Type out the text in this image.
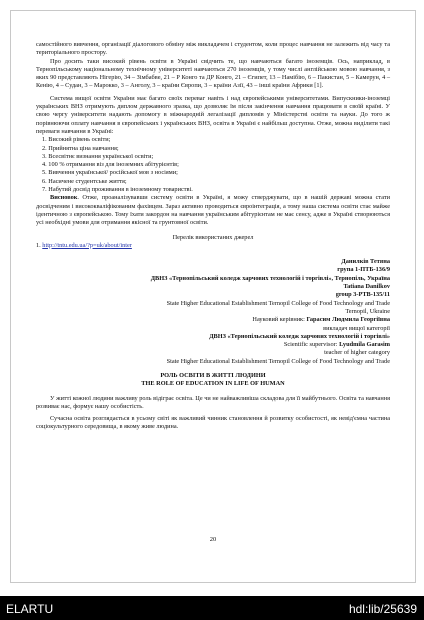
самостійного вивчення, організації діалогового обміну між викладачем і студентом, коли процес навчання не залежить від часу та територіального простору.

Про досить таки високий рівень освіти в Україні свідчить те, що навчаються багато іноземців. Ось, наприклад, в Тернопільському національному технічному університеті навчаються 270 іноземців, у тому числі англійською мовою навчання, з яких 90 представляють Нігерію, 34 – Зімбабве, 21 – Р Конго та ДР Конго, 21 – Єгипет, 13 – Намібію, 6 – Пакистан, 5 – Камерун, 4 – Кенію, 4 – Судан, 3 – Марокко, 3 – Анголу, 3 – країни Європи, 3 – країни Азії, 43 – інші країни Африки [1].

Система вищої освіти України має багато своїх переваг навіть і над європейськими університетами. Випускники-іноземці українських ВНЗ отримують диплом державного зразка, що дозволяє їм після закінчення навчання працювати в своїй країні. У свою чергу університети надають допомогу в міжнародній легалізації дипломів у Міністерстві освіти та науки. До того ж порівнюючи оплату навчання в європейських і українських ВНЗ, освіта в Україні є найбільш доступна. Отже, можна виділити такі переваги навчання в Україні:

1. Високий рівень освіти;

2. Прийнятна ціна навчання;

3. Всесвітнє визнання української освіти;

4. 100 % отримання віз для іноземних абітурієнтів;

5. Вивчення української/ російської мов з носіями;

6. Насичене студентське життя;

7. Набутий досвід проживання в іноземному товаристві.

Висновок. Отже, проаналізувавши систему освіти в Україні, я можу стверджувати, що в нашій державі можна стати досвідченим і висококваліфікованим фахівцем. Зараз активно проводиться євроінтеграція, а тому наша система освіти стає майже ідентичною з європейською. Тому їхати закордон на навчання українським абітурієнтам не має сенсу, адже в Україні створюються усі необхідні умови для отримання якісної та грунтовної освіти.

Перелік використаних джерел

1. http://tntu.edu.ua/?p=uk/about/inter

Данилків Тетяна

група 1-ПТБ-136/9

ДВНЗ «Тернопільський коледж харчових технологій і торгівлі», Тернопіль, Україна

Tatiana Danilkov

group 3-PTB-135/11

State Higher Educational Establishment Ternopil College of Food Technology and Trade

Ternopil, Ukraine

Науковий керівник: Гарасим Людмила Георгіївна

викладач вищої категорії

ДВНЗ «Тернопільський коледж харчових технологій і торгівлі»

Scientific supervisor: Lyudmila Garasim

teacher of higher category

State Higher Educational Establishment Ternopil College of Food Technology and Trade

РОЛЬ ОСВІТИ В ЖИТТІ ЛЮДИНИ

THE ROLE OF EDUCATION IN LIFE OF HUMAN

У житті кожної людини важливу роль відіграє освіта. Це чи не найважливіша складова для її майбутнього. Освіта та навчання розвиває нас, формує нашу особистість.

Сучасна освіта розглядається в усьому світі як важливий чинник становлення й розвитку особистості, як невід'ємна частина соціокультурного середовища, в якому живе людина.

20
ELARTU	hdl:lib/25639
